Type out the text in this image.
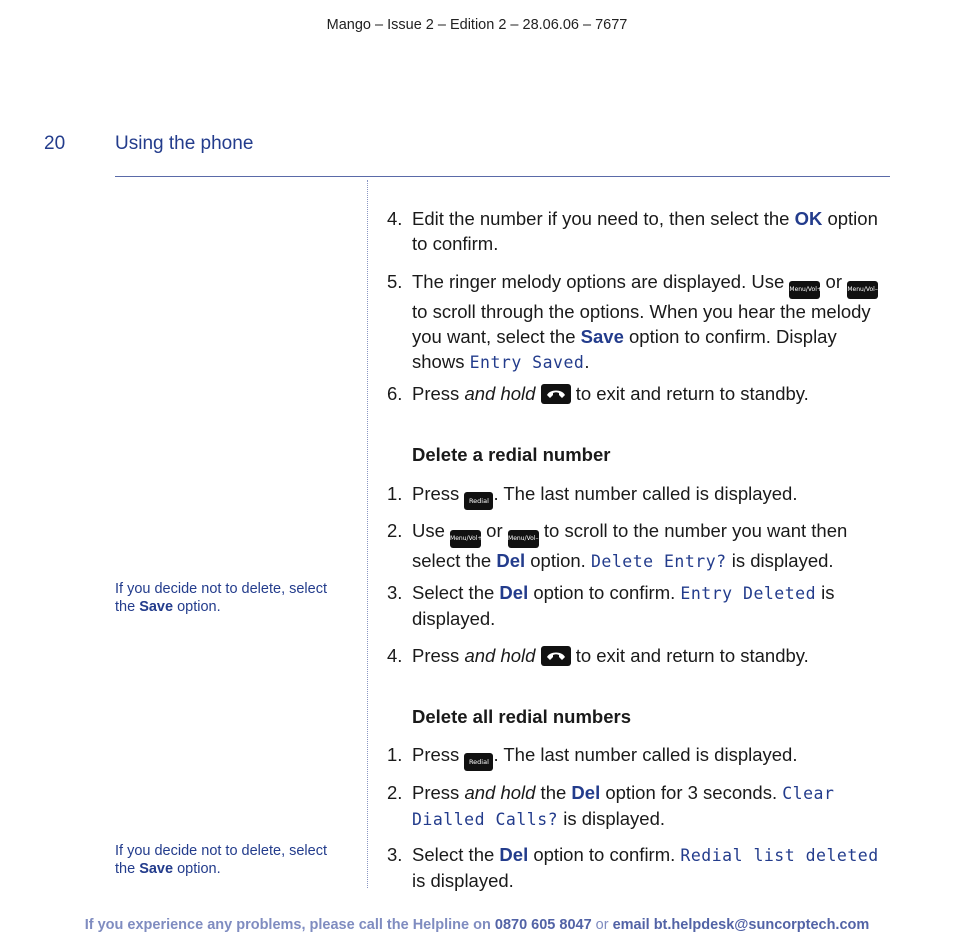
Mango – Issue 2 – Edition 2 – 28.06.06 – 7677
20	Using the phone
If you decide not to delete, select the Save option.
If you decide not to delete, select the Save option.
4. Edit the number if you need to, then select the OK option to confirm.
5. The ringer melody options are displayed. Use Menu/Vol+ or Menu/Vol– to scroll through the options. When you hear the melody you want, select the Save option to confirm. Display shows Entry Saved.
6. Press and hold
to exit and return to standby.
Delete a redial number
1. Press Redial . The last number called is displayed.
2. Use Menu/Vol+ or Menu/Vol– to scroll to the number you want then select the Del option. Delete Entry? is displayed.
3. Select the Del option to confirm. Entry Deleted is displayed.
4. Press and hold
to exit and return to standby.
Delete all redial numbers
1. Press Redial . The last number called is displayed.
2. Press and hold the Del option for 3 seconds. Clear Dialled Calls? is displayed.
3. Select the Del option to confirm. Redial list deleted is displayed.
If you experience any problems, please call the Helpline on 0870 605 8047 or email bt.helpdesk@suncorptech.com
